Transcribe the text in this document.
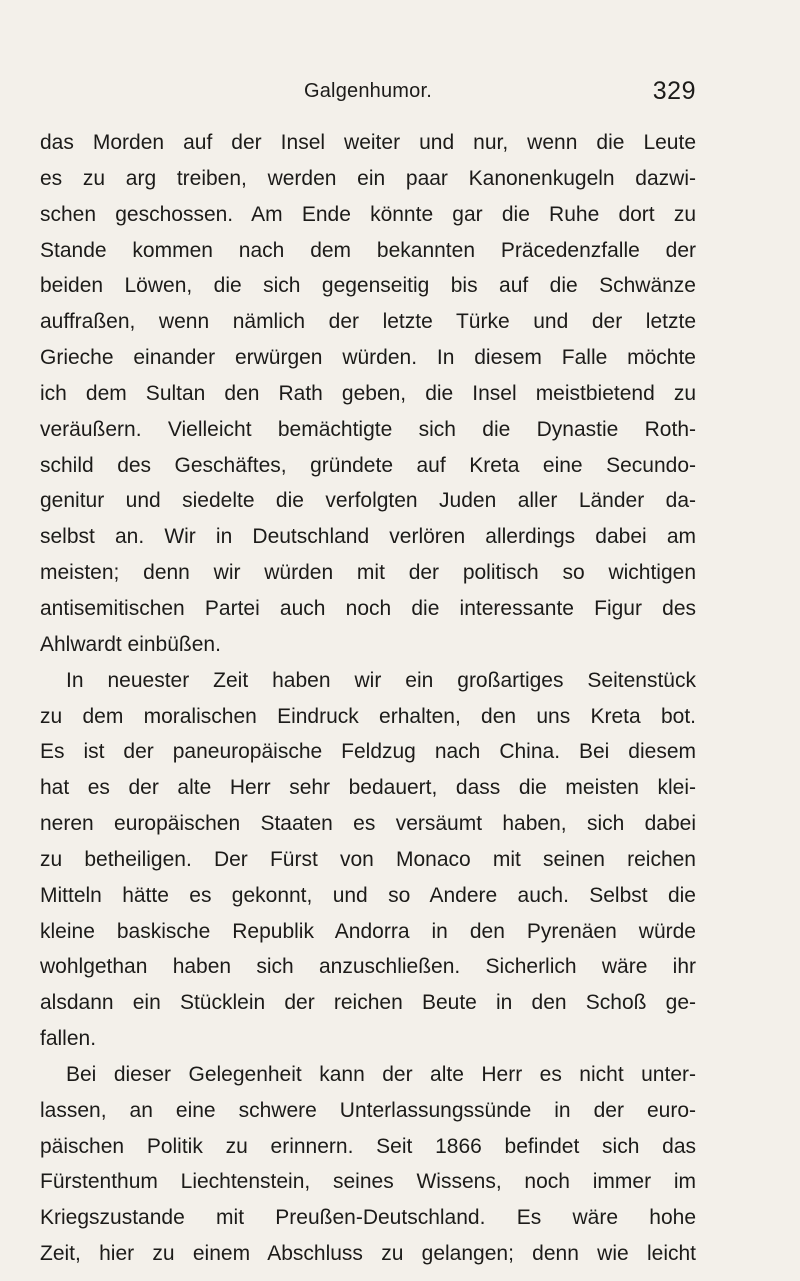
Galgenhumor.	329
das Morden auf der Insel weiter und nur, wenn die Leute
es zu arg treiben, werden ein paar Kanonenkugeln dazwi-
schen geschossen. Am Ende könnte gar die Ruhe dort zu
Stande kommen nach dem bekannten Präcedenzfalle der
beiden Löwen, die sich gegenseitig bis auf die Schwänze
auffraßen, wenn nämlich der letzte Türke und der letzte
Grieche einander erwürgen würden. In diesem Falle möchte
ich dem Sultan den Rath geben, die Insel meistbietend zu
veräußern. Vielleicht bemächtigte sich die Dynastie Roth-
schild des Geschäftes, gründete auf Kreta eine Secundo-
genitur und siedelte die verfolgten Juden aller Länder da-
selbst an. Wir in Deutschland verlören allerdings dabei am
meisten; denn wir würden mit der politisch so wichtigen
antisemitischen Partei auch noch die interessante Figur des
Ahlwardt einbüßen.
In neuester Zeit haben wir ein großartiges Seitenstück
zu dem moralischen Eindruck erhalten, den uns Kreta bot.
Es ist der paneuropäische Feldzug nach China. Bei diesem
hat es der alte Herr sehr bedauert, dass die meisten klei-
neren europäischen Staaten es versäumt haben, sich dabei
zu betheiligen. Der Fürst von Monaco mit seinen reichen
Mitteln hätte es gekonnt, und so Andere auch. Selbst die
kleine baskische Republik Andorra in den Pyrenäen würde
wohlgethan haben sich anzuschließen. Sicherlich wäre ihr
alsdann ein Stücklein der reichen Beute in den Schoß ge-
fallen.
Bei dieser Gelegenheit kann der alte Herr es nicht unter-
lassen, an eine schwere Unterlassungssünde in der euro-
päischen Politik zu erinnern. Seit 1866 befindet sich das
Fürstenthum Liechtenstein, seines Wissens, noch immer im
Kriegszustande mit Preußen-Deutschland. Es wäre hohe
Zeit, hier zu einem Abschluss zu gelangen; denn wie leicht
